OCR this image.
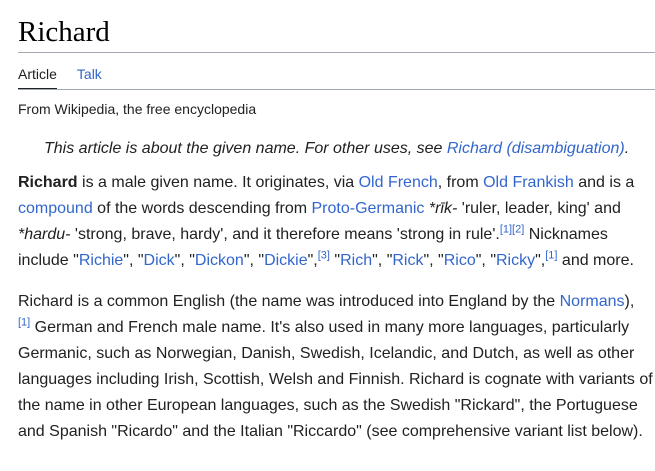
Richard
Article Talk
From Wikipedia, the free encyclopedia
This article is about the given name. For other uses, see Richard (disambiguation).

Richard is a male given name. It originates, via Old French, from Old Frankish and is a compound of the words descending from Proto-Germanic *rīk- 'ruler, leader, king' and *hardu- 'strong, brave, hardy', and it therefore means 'strong in rule'.[1][2] Nicknames include "Richie", "Dick", "Dickon", "Dickie",[3] "Rich", "Rick", "Rico", "Ricky",[1] and more.

Richard is a common English (the name was introduced into England by the Normans),
[1] German and French male name. It's also used in many more languages, particularly Germanic, such as Norwegian, Danish, Swedish, Icelandic, and Dutch, as well as other languages including Irish, Scottish, Welsh and Finnish. Richard is cognate with variants of the name in other European languages, such as the Swedish "Rickard", the Portuguese and Spanish "Ricardo" and the Italian "Riccardo" (see comprehensive variant list below).
